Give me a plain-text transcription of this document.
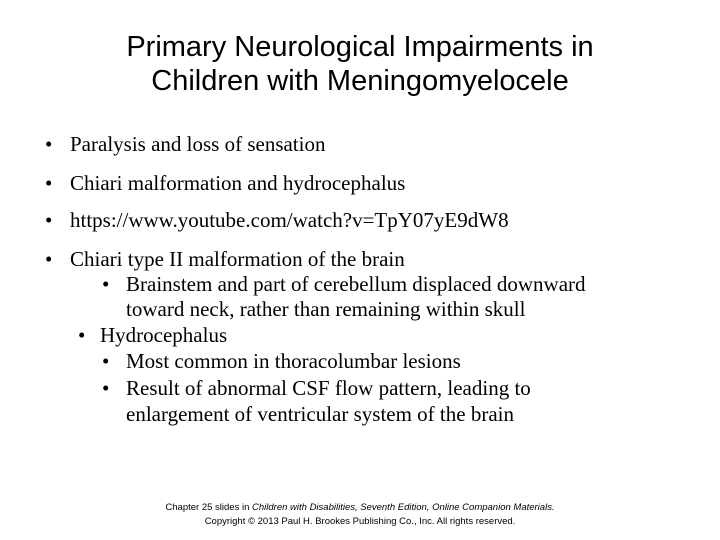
Primary Neurological Impairments in
Children with Meningomyelocele
• Paralysis and loss of sensation
• Chiari malformation and hydrocephalus
• https://www.youtube.com/watch?v=TpY07yE9dW8
• Chiari type II malformation of the brain
• Brainstem and part of cerebellum displaced downward
toward neck, rather than remaining within skull
• Hydrocephalus
• Most common in thoracolumbar lesions
• Result of abnormal CSF flow pattern, leading to
enlargement of ventricular system of the brain
Chapter 25 slides in Children with Disabilities, Seventh Edition, Online Companion Materials.
Copyright © 2013 Paul H. Brookes Publishing Co., Inc. All rights reserved.
